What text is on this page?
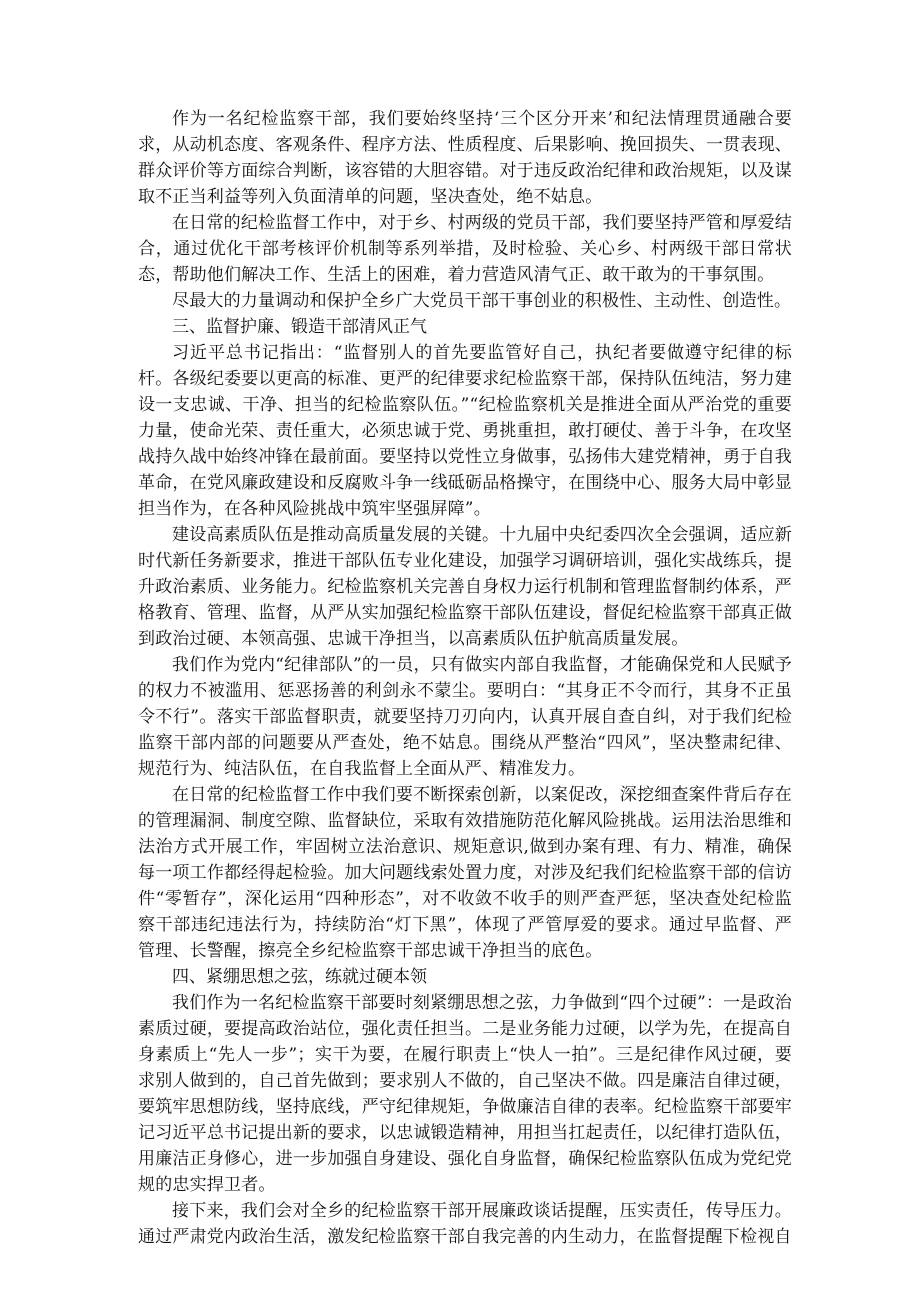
作为一名纪检监察干部，我们要始终坚持‘三个区分开来’和纪法情理贯通融合要求，从动机态度、客观条件、程序方法、性质程度、后果影响、挽回损失、一贯表现、群众评价等方面综合判断，该容错的大胆容错。对于违反政治纪律和政治规矩，以及谋取不正当利益等列入负面清单的问题，坚决查处，绝不姑息。

在日常的纪检监督工作中，对于乡、村两级的党员干部，我们要坚持严管和厚爱结合，通过优化干部考核评价机制等系列举措，及时检验、关心乡、村两级干部日常状态，帮助他们解决工作、生活上的困难，着力营造风清气正、敢干敢为的干事氛围。

尽最大的力量调动和保护全乡广大党员干部干事创业的积极性、主动性、创造性。

三、监督护廉、锻造干部清风正气

习近平总书记指出：“监督别人的首先要监管好自己，执纪者要做遵守纪律的标杆。各级纪委要以更高的标准、更严的纪律要求纪检监察干部，保持队伍纯洁，努力建设一支忠诚、干净、担当的纪检监察队伍。”“纪检监察机关是推进全面从严治党的重要力量，使命光荣、责任重大，必须忠诚于党、勇挑重担，敢打硬仗、善于斗争，在攻坚战持久战中始终冲锋在最前面。要坚持以党性立身做事，弘扬伟大建党精神，勇于自我革命，在党风廉政建设和反腐败斗争一线砥砺品格操守，在围绕中心、服务大局中彰显担当作为，在各种风险挑战中筑牢坚强屏障”。

建设高素质队伍是推动高质量发展的关键。十九届中央纪委四次全会强调，适应新时代新任务新要求，推进干部队伍专业化建设，加强学习调研培训，强化实战练兵，提升政治素质、业务能力。纪检监察机关完善自身权力运行机制和管理监督制约体系，严格教育、管理、监督，从严从实加强纪检监察干部队伍建设，督促纪检监察干部真正做到政治过硬、本领高强、忠诚干净担当，以高素质队伍护航高质量发展。

我们作为党内“纪律部队”的一员，只有做实内部自我监督，才能确保党和人民赋予的权力不被滥用、惩恶扬善的利剑永不蒙尘。要明白：“其身正不令而行，其身不正虽令不行”。落实干部监督职责，就要坚持刀刃向内，认真开展自查自纠，对于我们纪检监察干部内部的问题要从严查处，绝不姑息。围绕从严整治“四风”，坚决整肃纪律、规范行为、纯洁队伍，在自我监督上全面从严、精准发力。

在日常的纪检监督工作中我们要不断探索创新，以案促改，深挖细查案件背后存在的管理漏洞、制度空隙、监督缺位，采取有效措施防范化解风险挑战。运用法治思维和法治方式开展工作，牢固树立法治意识、规矩意识,做到办案有理、有力、精准，确保每一项工作都经得起检验。加大问题线索处置力度，对涉及纪我们纪检监察干部的信访件“零暂存”，深化运用“四种形态”，对不收敛不收手的则严查严惩，坚决查处纪检监察干部违纪违法行为，持续防治“灯下黑”，体现了严管厚爱的要求。通过早监督、严管理、长警醒，擦亮全乡纪检监察干部忠诚干净担当的底色。

四、紧绷思想之弦，练就过硬本领

我们作为一名纪检监察干部要时刻紧绷思想之弦，力争做到“四个过硬”：一是政治素质过硬，要提高政治站位，强化责任担当。二是业务能力过硬，以学为先，在提高自身素质上“先人一步”；实干为要，在履行职责上“快人一拍”。三是纪律作风过硬，要求别人做到的，自己首先做到；要求别人不做的，自己坚决不做。四是廉洁自律过硬，要筑牢思想防线，坚持底线，严守纪律规矩，争做廉洁自律的表率。纪检监察干部要牢记习近平总书记提出新的要求，以忠诚锻造精神，用担当扛起责任，以纪律打造队伍，用廉洁正身修心，进一步加强自身建设、强化自身监督，确保纪检监察队伍成为党纪党规的忠实捍卫者。

接下来，我们会对全乡的纪检监察干部开展廉政谈话提醒，压实责任，传导压力。通过严肃党内政治生活，激发纪检监察干部自我完善的内生动力，在监督提醒下检视自
